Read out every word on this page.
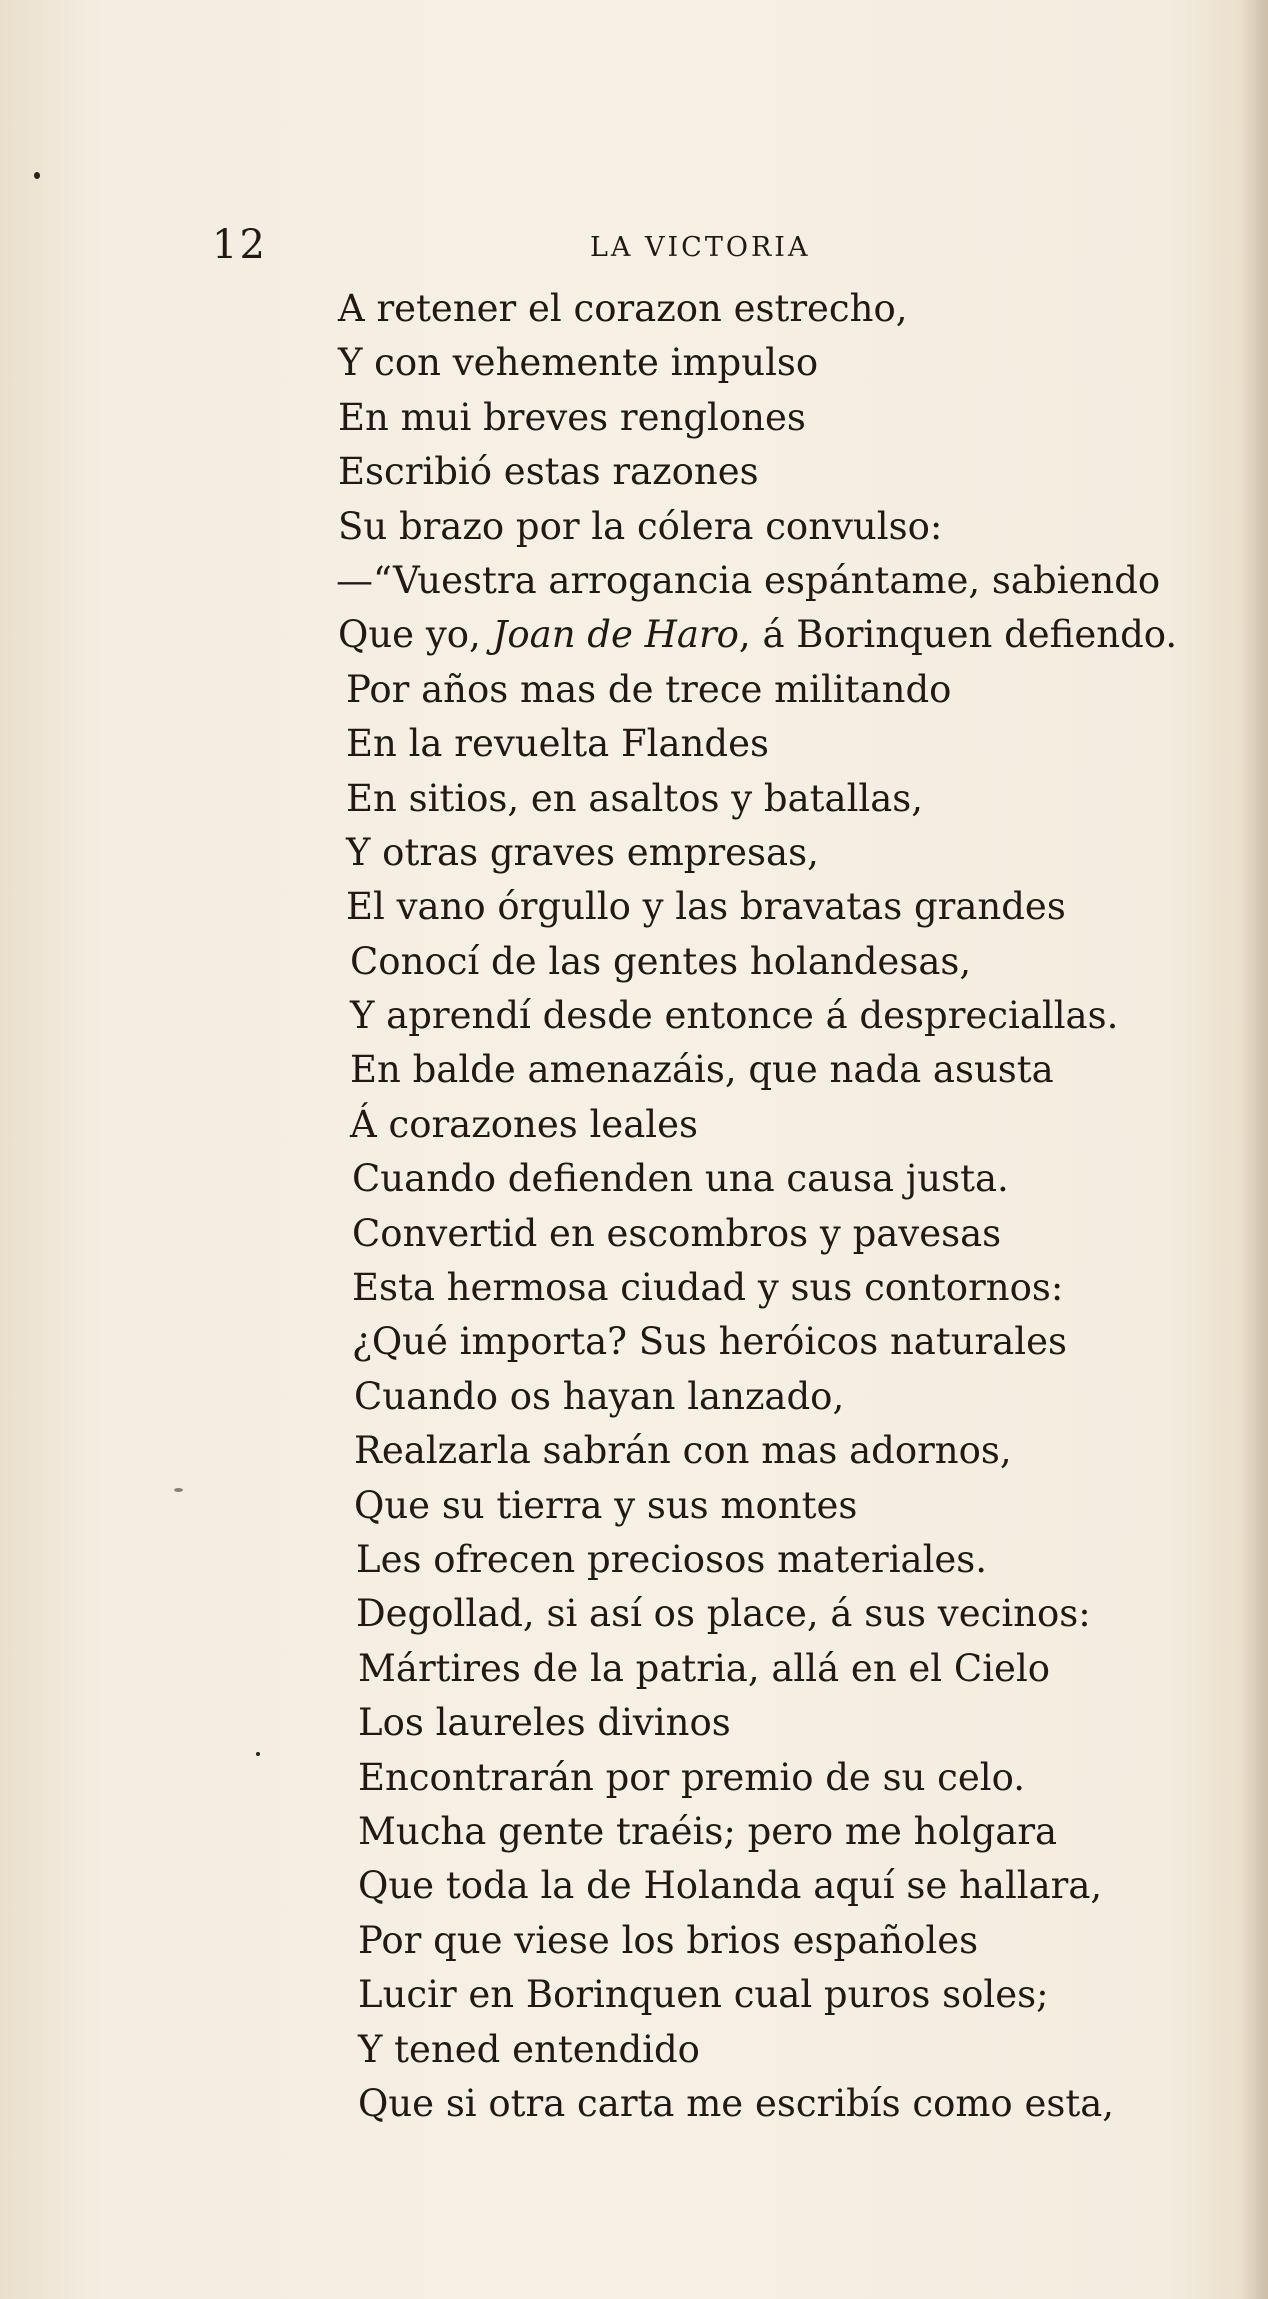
12	LA VICTORIA
A retener el corazon estrecho,
Y con vehemente impulso
En mui breves renglones
Escribió estas razones
Su brazo por la cólera convulso:
—“Vuestra arrogancia espántame, sabiendo
Que yo, Joan de Haro, á Borinquen defiendo.
Por años mas de trece militando
En la revuelta Flandes
En sitios, en asaltos y batallas,
Y otras graves empresas,
El vano órgullo y las bravatas grandes
Conocí de las gentes holandesas,
Y aprendí desde entonce á despreciallas.
En balde amenazáis, que nada asusta
Á corazones leales
Cuando defienden una causa justa.
Convertid en escombros y pavesas
Esta hermosa ciudad y sus contornos:
¿Qué importa? Sus heróicos naturales
Cuando os hayan lanzado,
Realzarla sabrán con mas adornos,
Que su tierra y sus montes
Les ofrecen preciosos materiales.
Degollad, si así os place, á sus vecinos:
Mártires de la patria, allá en el Cielo
Los laureles divinos
Encontrarán por premio de su celo.
Mucha gente traéis; pero me holgara
Que toda la de Holanda aquí se hallara,
Por que viese los brios españoles
Lucir en Borinquen cual puros soles;
Y tened entendido
Que si otra carta me escribís como esta,
